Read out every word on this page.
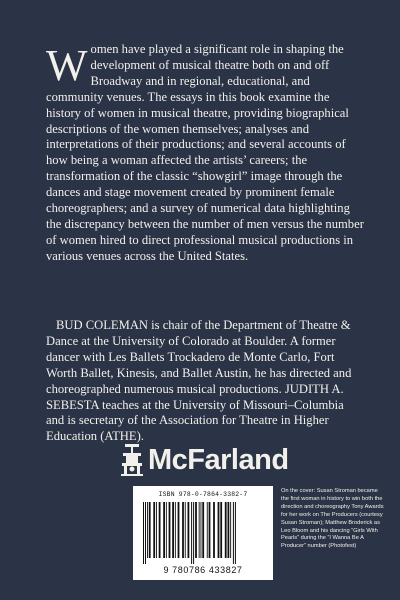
W omen have played a significant role in shaping the development of musical theatre both on and off Broadway and in regional, educational, and community venues. The essays in this book examine the history of women in musical theatre, providing biographical descriptions of the women themselves; analyses and interpretations of their productions; and several accounts of how being a woman affected the artists’ careers; the transformation of the classic “showgirl” image through the dances and stage movement created by prominent female choreographers; and a survey of numerical data highlighting the discrepancy between the number of men versus the number of women hired to direct professional musical productions in various venues across the United States.

BUD COLEMAN is chair of the Department of Theatre & Dance at the University of Colorado at Boulder. A former dancer with Les Ballets Trockadero de Monte Carlo, Fort Worth Ballet, Kinesis, and Ballet Austin, he has directed and choreographed numerous musical productions. JUDITH A. SEBESTA teaches at the University of Missouri–Columbia and is secretary of the Association for Theatre in Higher Education (ATHE).

McFarland
ISBN 978-0-7864-3382-7
9 780786 433827

On the cover: Susan Stroman became the first woman in history to win both the direction and choreography Tony Awards for her work on The Producers (courtesy Susan Stroman); Matthew Broderick as Leo Bloom and his dancing “Girls With Pearls” during the “I Wanna Be A Producer” number (Photofest)
